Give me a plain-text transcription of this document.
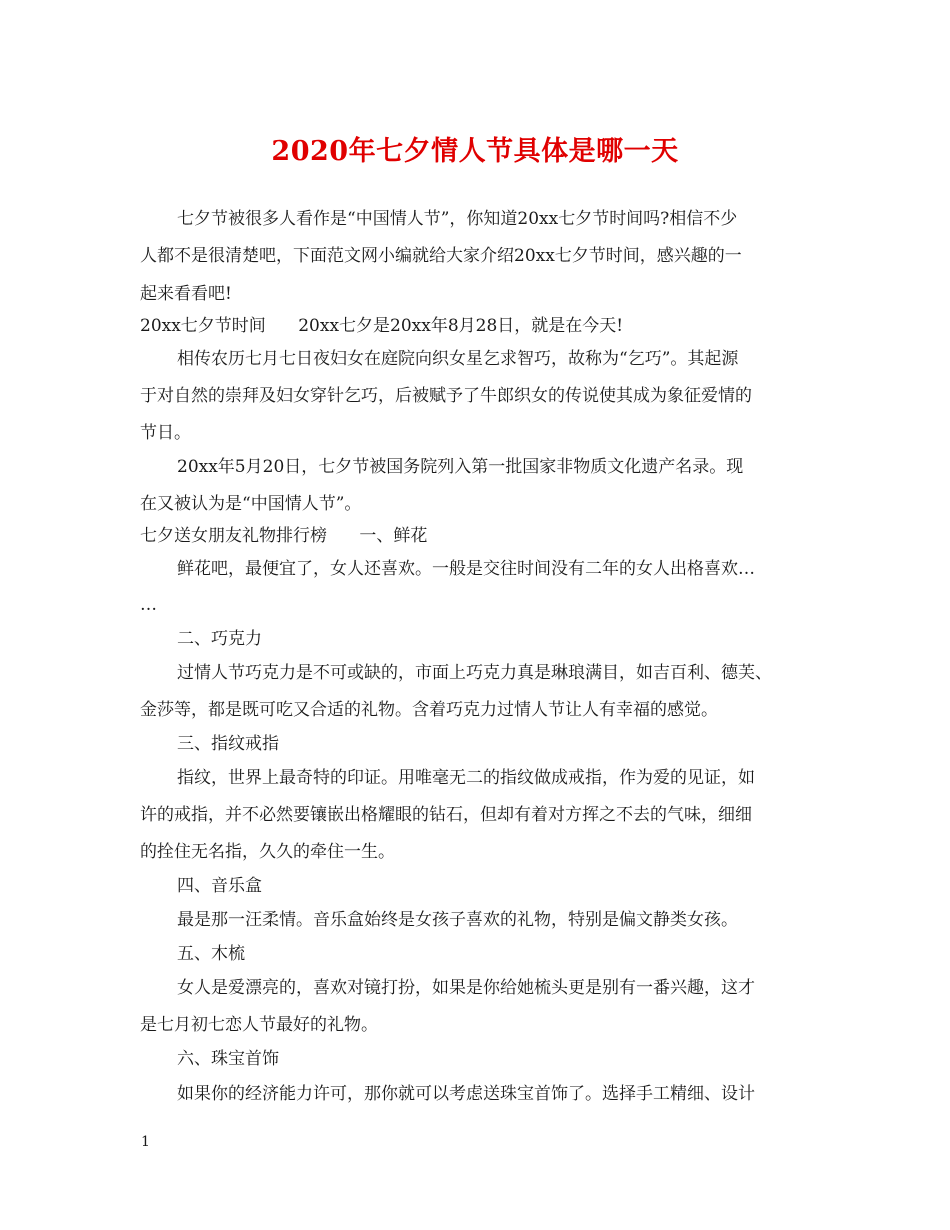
2020年七夕情人节具体是哪一天
七夕节被很多人看作是“中国情人节”，你知道20xx七夕节时间吗?相信不少
人都不是很清楚吧，下面范文网小编就给大家介绍20xx七夕节时间，感兴趣的一
起来看看吧!
20xx七夕节时间      20xx七夕是20xx年8月28日，就是在今天!
相传农历七月七日夜妇女在庭院向织女星乞求智巧，故称为“乞巧”。其起源
于对自然的崇拜及妇女穿针乞巧，后被赋予了牛郎织女的传说使其成为象征爱情的
节日。
20xx年5月20日，七夕节被国务院列入第一批国家非物质文化遗产名录。现
在又被认为是“中国情人节”。
七夕送女朋友礼物排行榜      一、鲜花
鲜花吧，最便宜了，女人还喜欢。一般是交往时间没有二年的女人出格喜欢…
…
二、巧克力
过情人节巧克力是不可或缺的，市面上巧克力真是琳琅满目，如吉百利、德芙、
金莎等，都是既可吃又合适的礼物。含着巧克力过情人节让人有幸福的感觉。
三、指纹戒指
指纹，世界上最奇特的印证。用唯毫无二的指纹做成戒指，作为爱的见证，如
许的戒指，并不必然要镶嵌出格耀眼的钻石，但却有着对方挥之不去的气味，细细
的拴住无名指，久久的牵住一生。
四、音乐盒
最是那一汪柔情。音乐盒始终是女孩子喜欢的礼物，特别是偏文静类女孩。
五、木梳
女人是爱漂亮的，喜欢对镜打扮，如果是你给她梳头更是别有一番兴趣，这才
是七月初七恋人节最好的礼物。
六、珠宝首饰
如果你的经济能力许可，那你就可以考虑送珠宝首饰了。选择手工精细、设计
1
